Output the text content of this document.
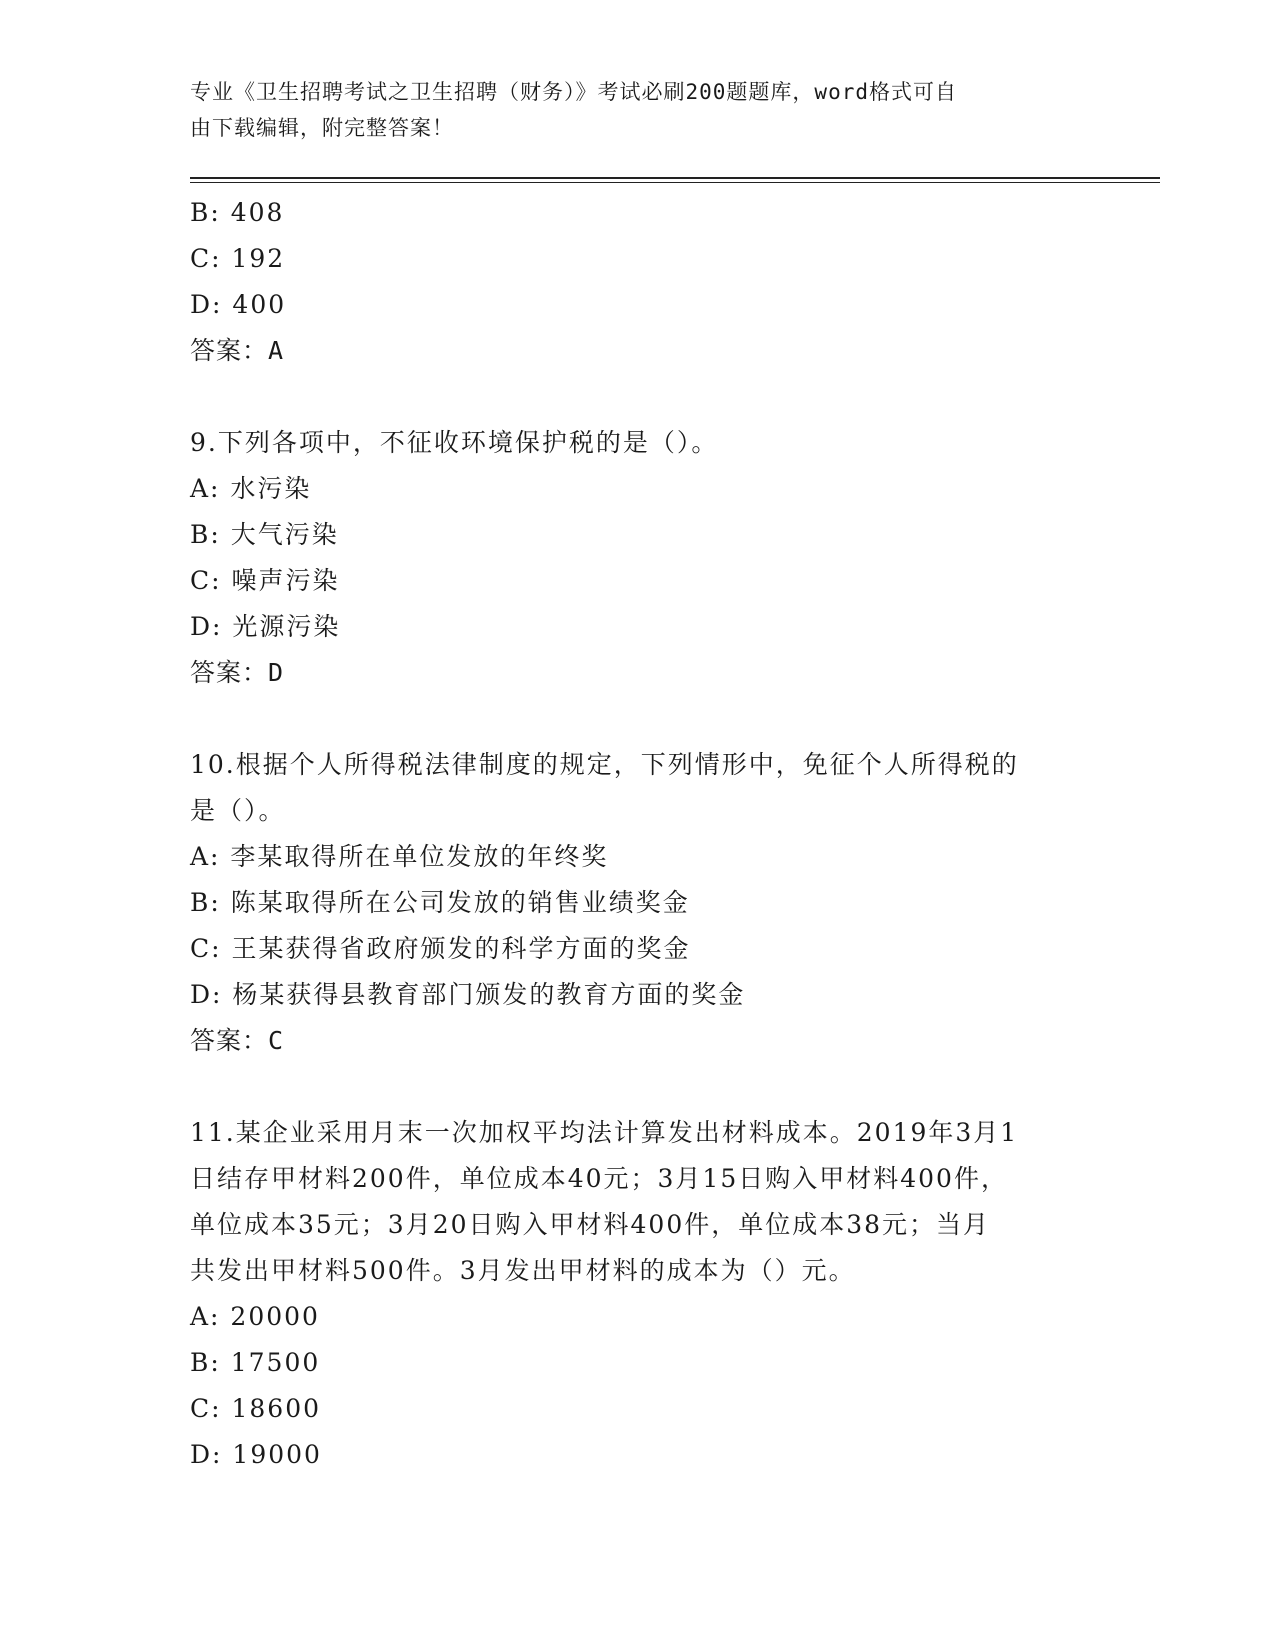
专业《卫生招聘考试之卫生招聘（财务）》考试必刷200题题库，word格式可自
由下载编辑，附完整答案！
B: 408
C: 192
D: 400
答案：A
9.下列各项中，不征收环境保护税的是（）。
A: 水污染
B: 大气污染
C: 噪声污染
D: 光源污染
答案：D
10.根据个人所得税法律制度的规定，下列情形中，免征个人所得税的
是（）。
A: 李某取得所在单位发放的年终奖
B: 陈某取得所在公司发放的销售业绩奖金
C: 王某获得省政府颁发的科学方面的奖金
D: 杨某获得县教育部门颁发的教育方面的奖金
答案：C
11.某企业采用月末一次加权平均法计算发出材料成本。2019年3月1
日结存甲材料200件，单位成本40元；3月15日购入甲材料400件，
单位成本35元；3月20日购入甲材料400件，单位成本38元；当月
共发出甲材料500件。3月发出甲材料的成本为（）元。
A: 20000
B: 17500
C: 18600
D: 19000
